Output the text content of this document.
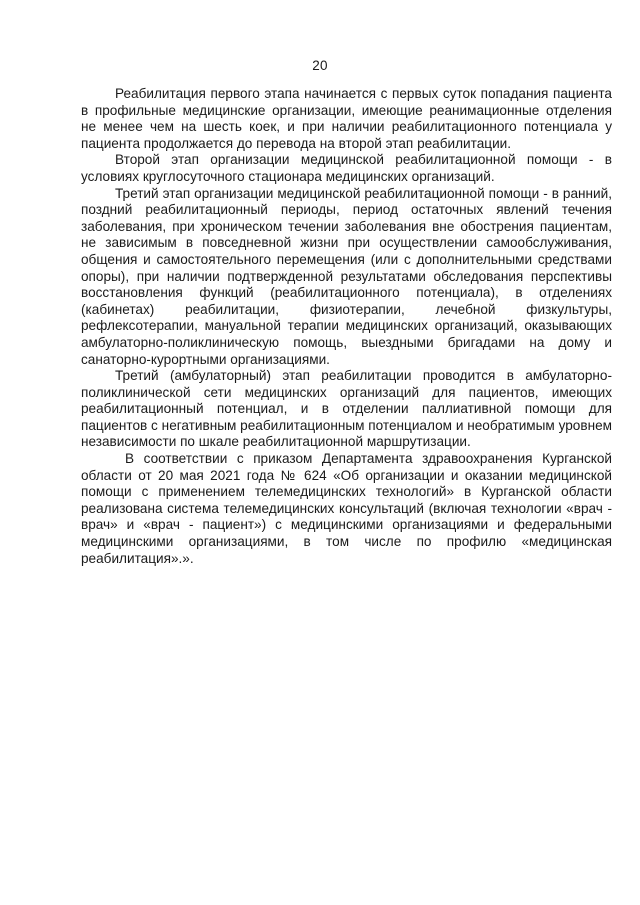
20

Реабилитация первого этапа начинается с первых суток попадания пациента в профильные медицинские организации, имеющие реанимационные отделения не менее чем на шесть коек, и при наличии реабилитационного потенциала у пациента продолжается до перевода на второй этап реабилитации.

Второй этап организации медицинской реабилитационной помощи - в условиях круглосуточного стационара медицинских организаций.

Третий этап организации медицинской реабилитационной помощи - в ранний, поздний реабилитационный периоды, период остаточных явлений течения заболевания, при хроническом течении заболевания вне обострения пациентам, не зависимым в повседневной жизни при осуществлении самообслуживания, общения и самостоятельного перемещения (или с дополнительными средствами опоры), при наличии подтвержденной результатами обследования перспективы восстановления функций (реабилитационного потенциала), в отделениях (кабинетах) реабилитации, физиотерапии, лечебной физкультуры, рефлексотерапии, мануальной терапии медицинских организаций, оказывающих амбулаторно-поликлиническую помощь, выездными бригадами на дому и санаторно-курортными организациями.

Третий (амбулаторный) этап реабилитации проводится в амбулаторно-поликлинической сети медицинских организаций для пациентов, имеющих реабилитационный потенциал, и в отделении паллиативной помощи для пациентов с негативным реабилитационным потенциалом и необратимым уровнем независимости по шкале реабилитационной маршрутизации.

В соответствии с приказом Департамента здравоохранения Курганской области от 20 мая 2021 года № 624 «Об организации и оказании медицинской помощи с применением телемедицинских технологий» в Курганской области реализована система телемедицинских консультаций (включая технологии «врач - врач» и «врач - пациент») с медицинскими организациями и федеральными медицинскими организациями, в том числе по профилю «медицинская реабилитация».».
